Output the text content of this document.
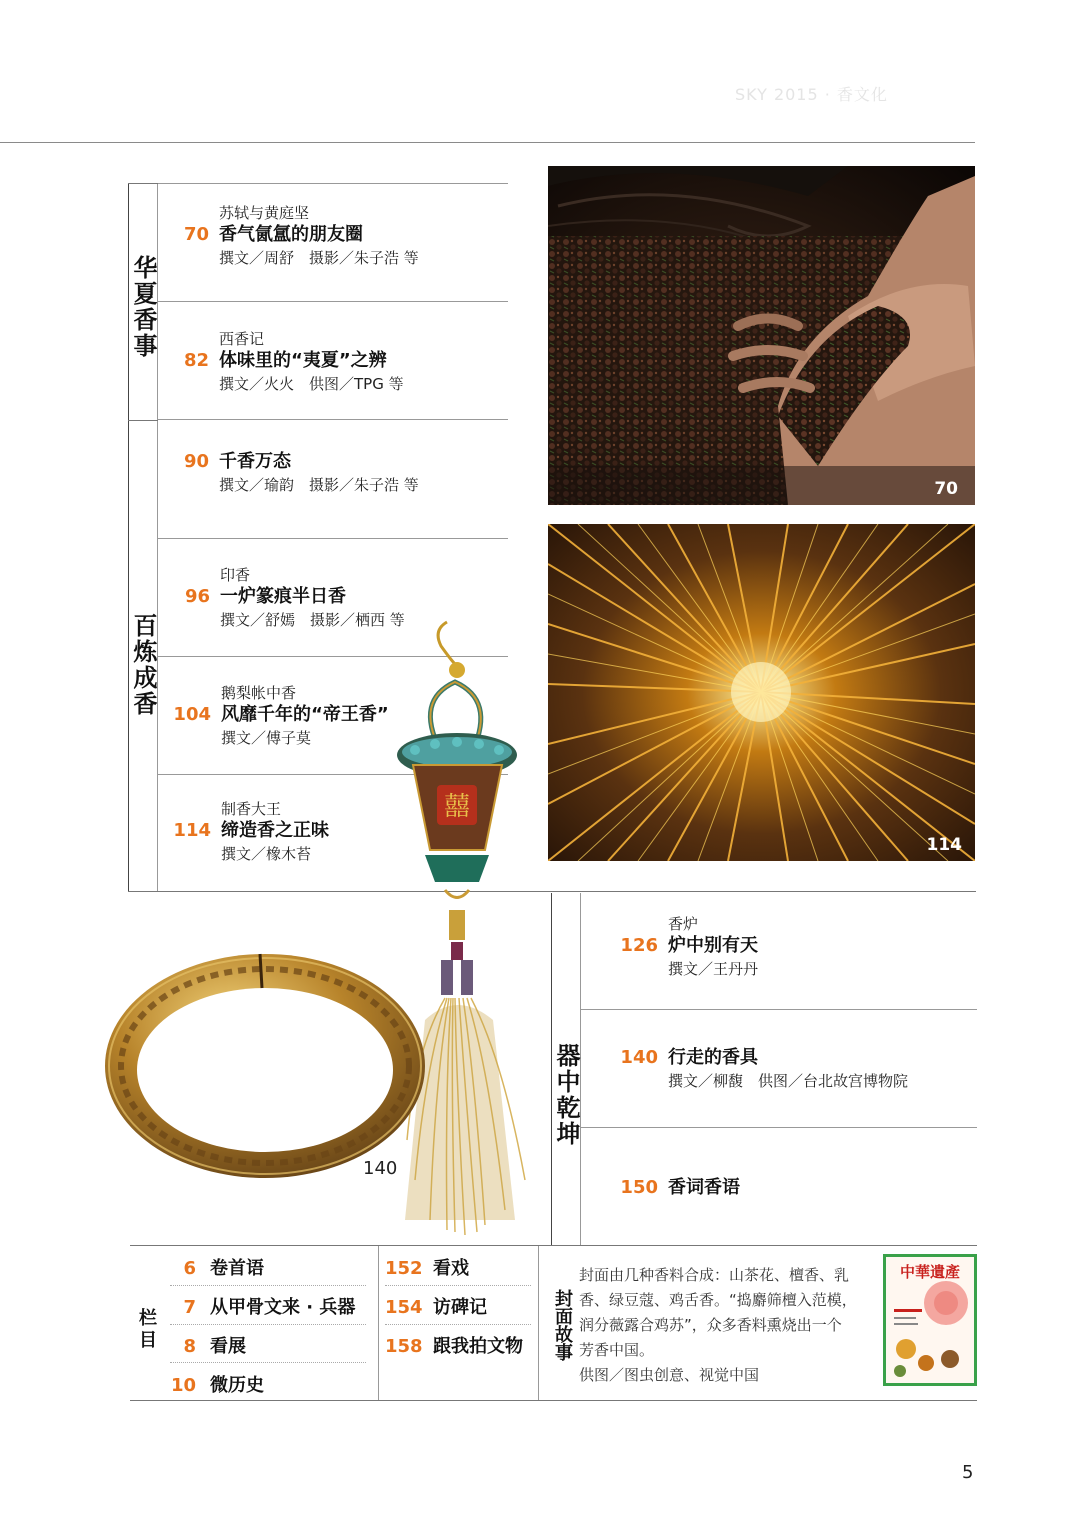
SKY 2015 · 香文化
华夏香事
百炼成香
苏轼与黄庭坚
70 香气氤氲的朋友圈
撰文／周舒　摄影／朱子浩 等
西香记
82 体味里的“夷夏”之辨
撰文／火火　供图／TPG 等
90 千香万态
撰文／瑜韵　摄影／朱子浩 等
印香
96 一炉篆痕半日香
撰文／舒嫣　摄影／栖西 等
鹅梨帐中香
104 风靡千年的“帝王香”
撰文／傅子莫
制香大王
114 缔造香之正味
撰文／橡木苔
70
114
囍
140
器中乾坤
香炉
126 炉中别有天
撰文／王丹丹
140 行走的香具
撰文／柳馥　供图／台北故宫博物院
150 香词香语
栏目
6 卷首语
7 从甲骨文来 · 兵器
8 看展
10 微历史
152 看戏
154 访碑记
158 跟我拍文物 封面故事

封面由几种香料合成：山茶花、檀香、乳

香、绿豆蔻、鸡舌香。“捣麝筛檀入范模，

润分薇露合鸡苏”，众多香料熏烧出一个

芳香中国。

供图／图虫创意、视觉中国

中華遺產
5
